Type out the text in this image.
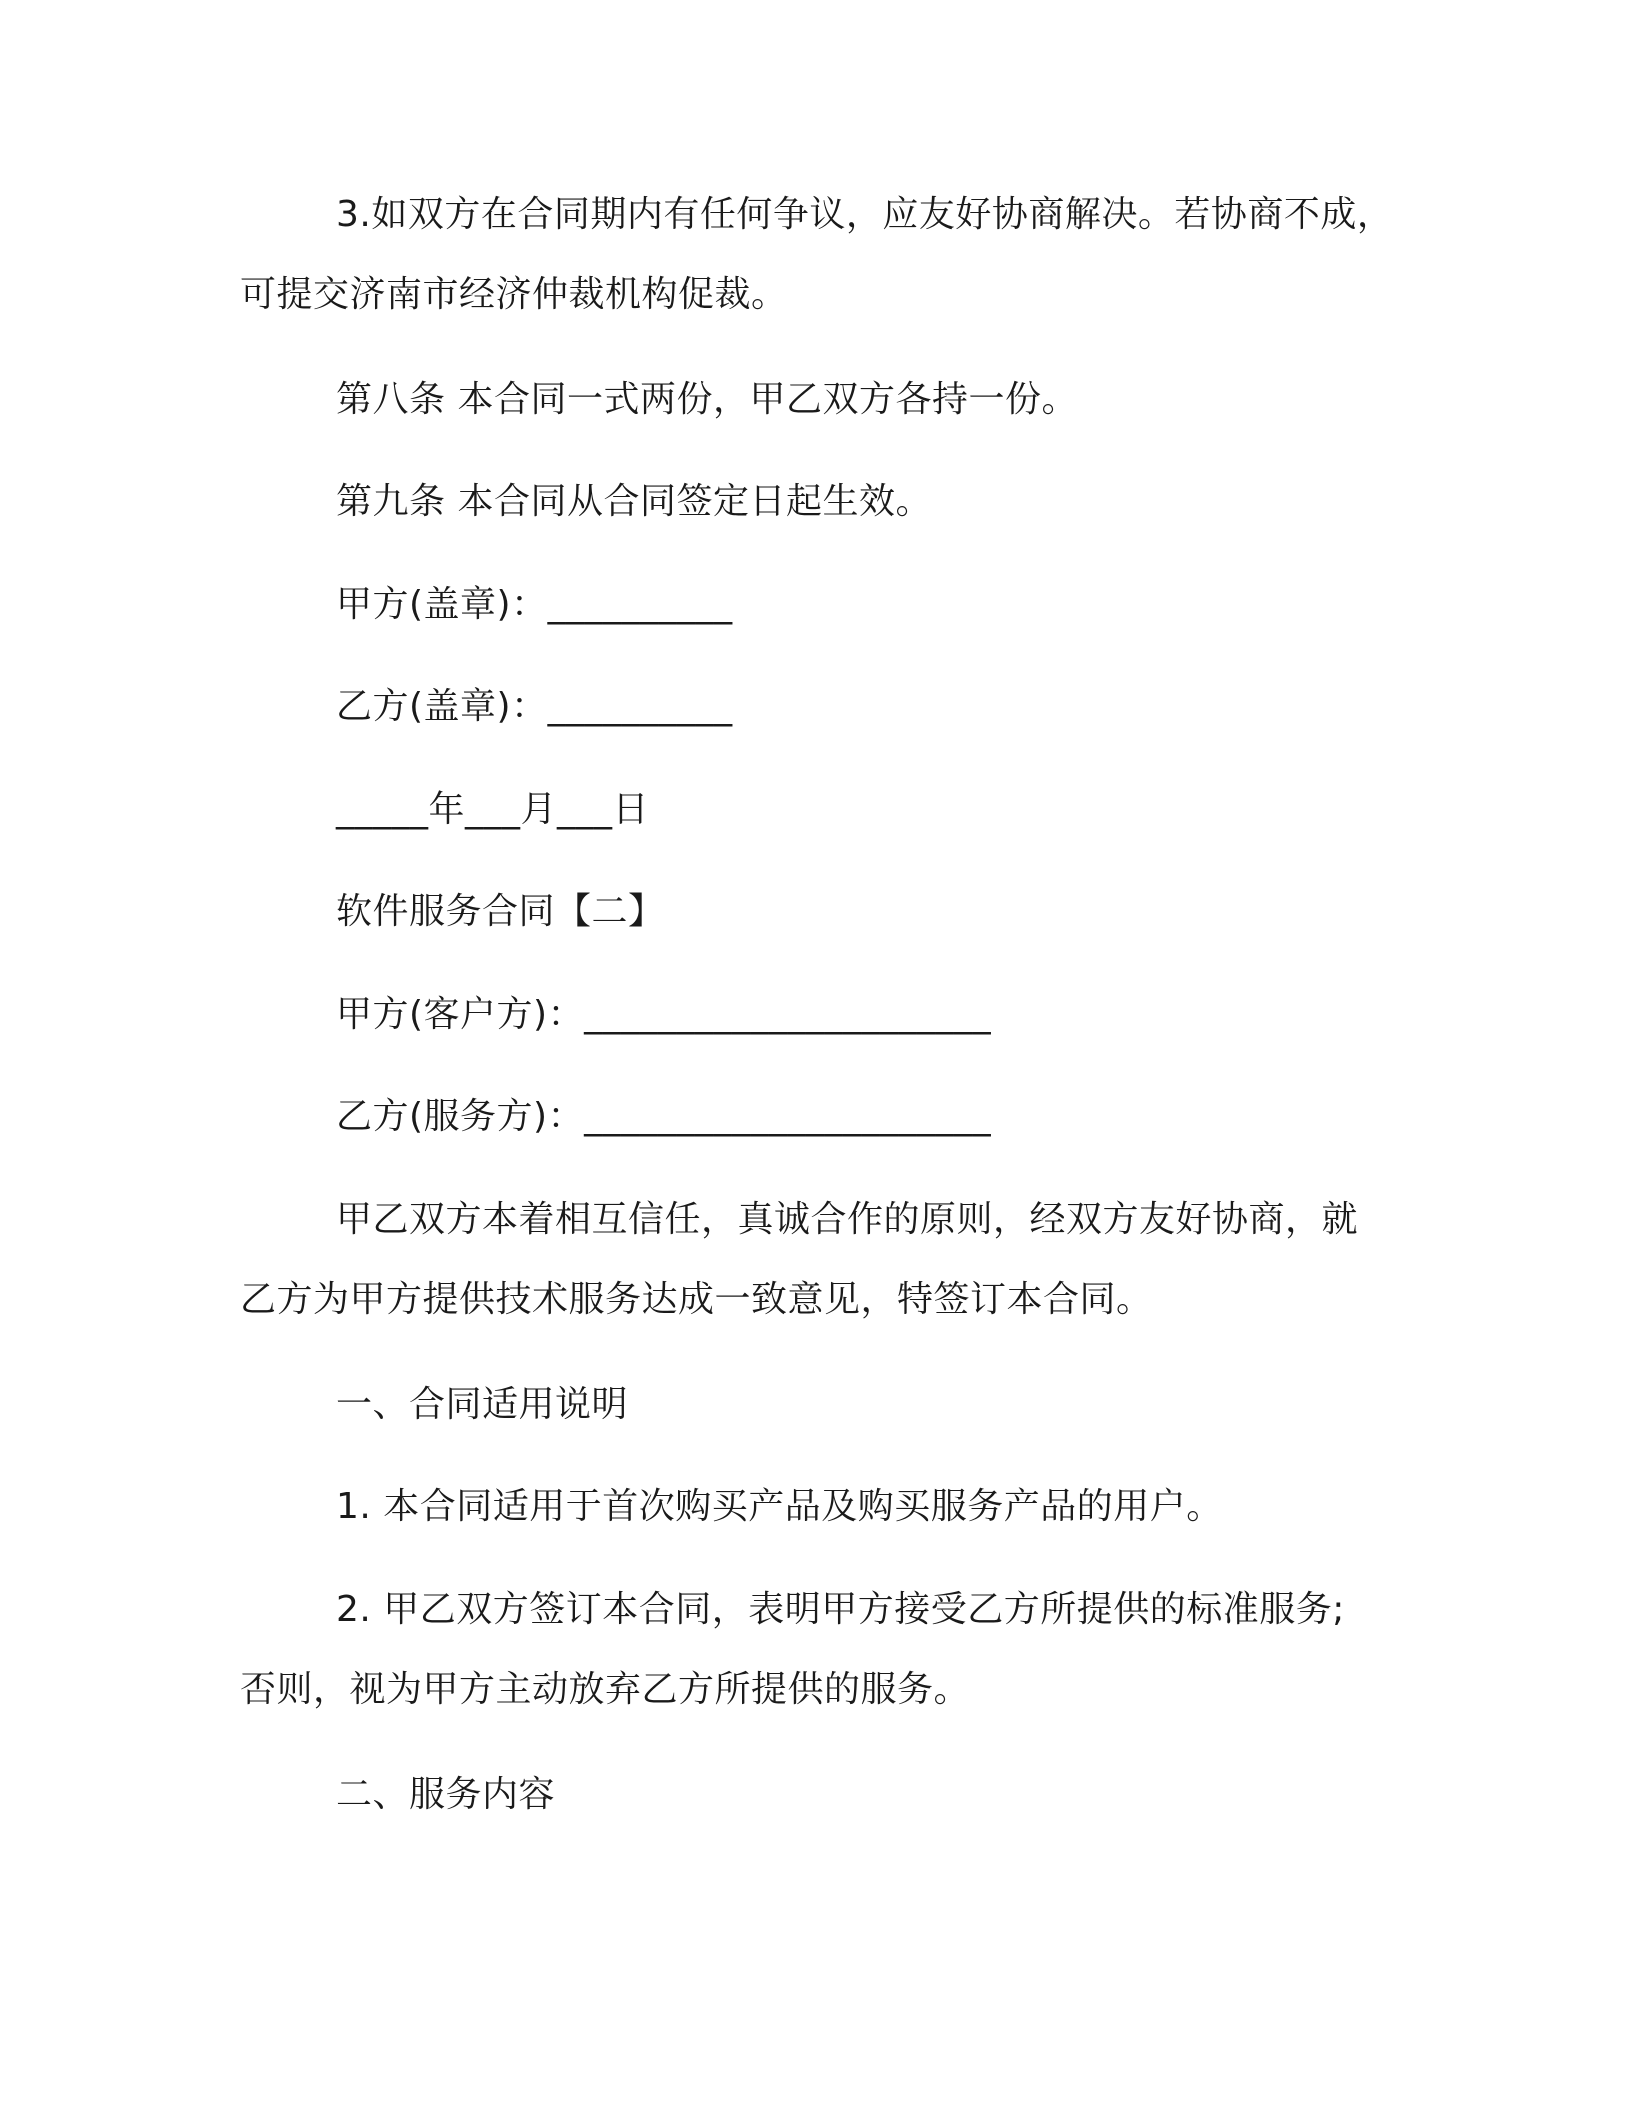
3.如双方在合同期内有任何争议，应友好协商解决。若协商不成，
可提交济南市经济仲裁机构促裁。
第八条 本合同一式两份，甲乙双方各持一份。
第九条 本合同从合同签定日起生效。
甲方(盖章)：__________
乙方(盖章)：__________
_____年___月___日
软件服务合同【二】
甲方(客户方)：______________________
乙方(服务方)：______________________
甲乙双方本着相互信任，真诚合作的原则，经双方友好协商，就
乙方为甲方提供技术服务达成一致意见，特签订本合同。
一、合同适用说明
1. 本合同适用于首次购买产品及购买服务产品的用户。
2. 甲乙双方签订本合同，表明甲方接受乙方所提供的标准服务;
否则，视为甲方主动放弃乙方所提供的服务。
二、服务内容
